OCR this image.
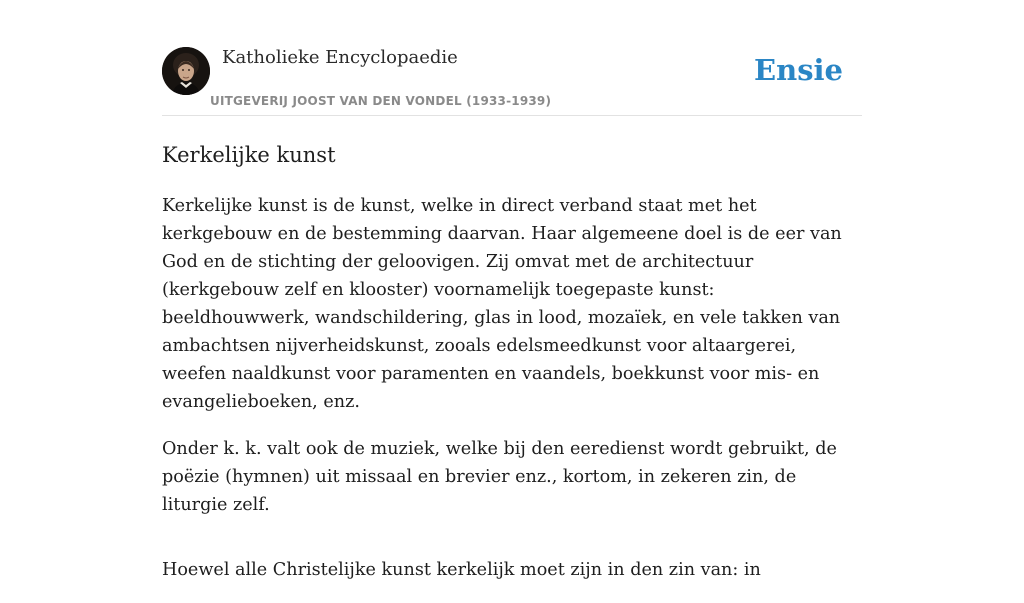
Katholieke Encyclopaedie
UITGEVERIJ JOOST VAN DEN VONDEL (1933-1939)
Ensie
Kerkelijke kunst

Kerkelijke kunst is de kunst, welke in direct verband staat met het kerkgebouw en de bestemming daarvan. Haar algemeene doel is de eer van God en de stichting der geloovigen. Zij omvat met de architectuur (kerkgebouw zelf en klooster) voornamelijk toegepaste kunst: beeldhouwwerk, wandschildering, glas in lood, mozaïek, en vele takken van ambachtsen nijverheidskunst, zooals edelsmeedkunst voor altaargerei, weefen naaldkunst voor paramenten en vaandels, boekkunst voor mis- en evangelieboeken, enz.

Onder k. k. valt ook de muziek, welke bij den eeredienst wordt gebruikt, de poëzie (hymnen) uit missaal en brevier enz., kortom, in zekeren zin, de liturgie zelf.

Hoewel alle Christelijke kunst kerkelijk moet zijn in den zin van: in
